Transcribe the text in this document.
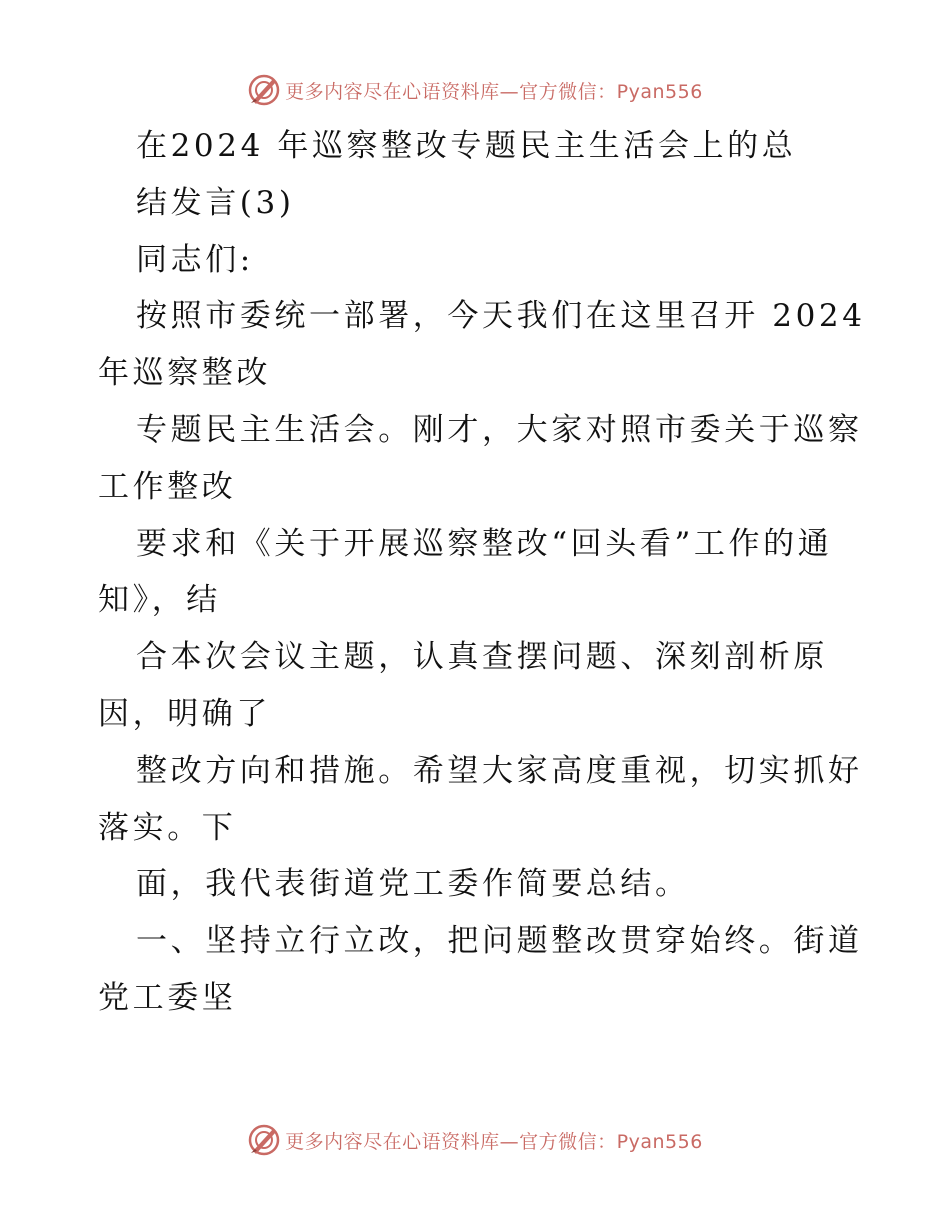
更多内容尽在心语资料库—官方微信：Pyan556
在2024 年巡察整改专题民主生活会上的总
结发言(3)
同志们:
按照市委统一部署，今天我们在这里召开 2024
年巡察整改
专题民主生活会。刚才，大家对照市委关于巡察
工作整改
要求和《关于开展巡察整改“回头看”工作的通
知》，结
合本次会议主题，认真查摆问题、深刻剖析原
因，明确了
整改方向和措施。希望大家高度重视，切实抓好
落实。下
面，我代表街道党工委作简要总结。
一、坚持立行立改，把问题整改贯穿始终。街道
党工委坚
更多内容尽在心语资料库—官方微信：Pyan556
